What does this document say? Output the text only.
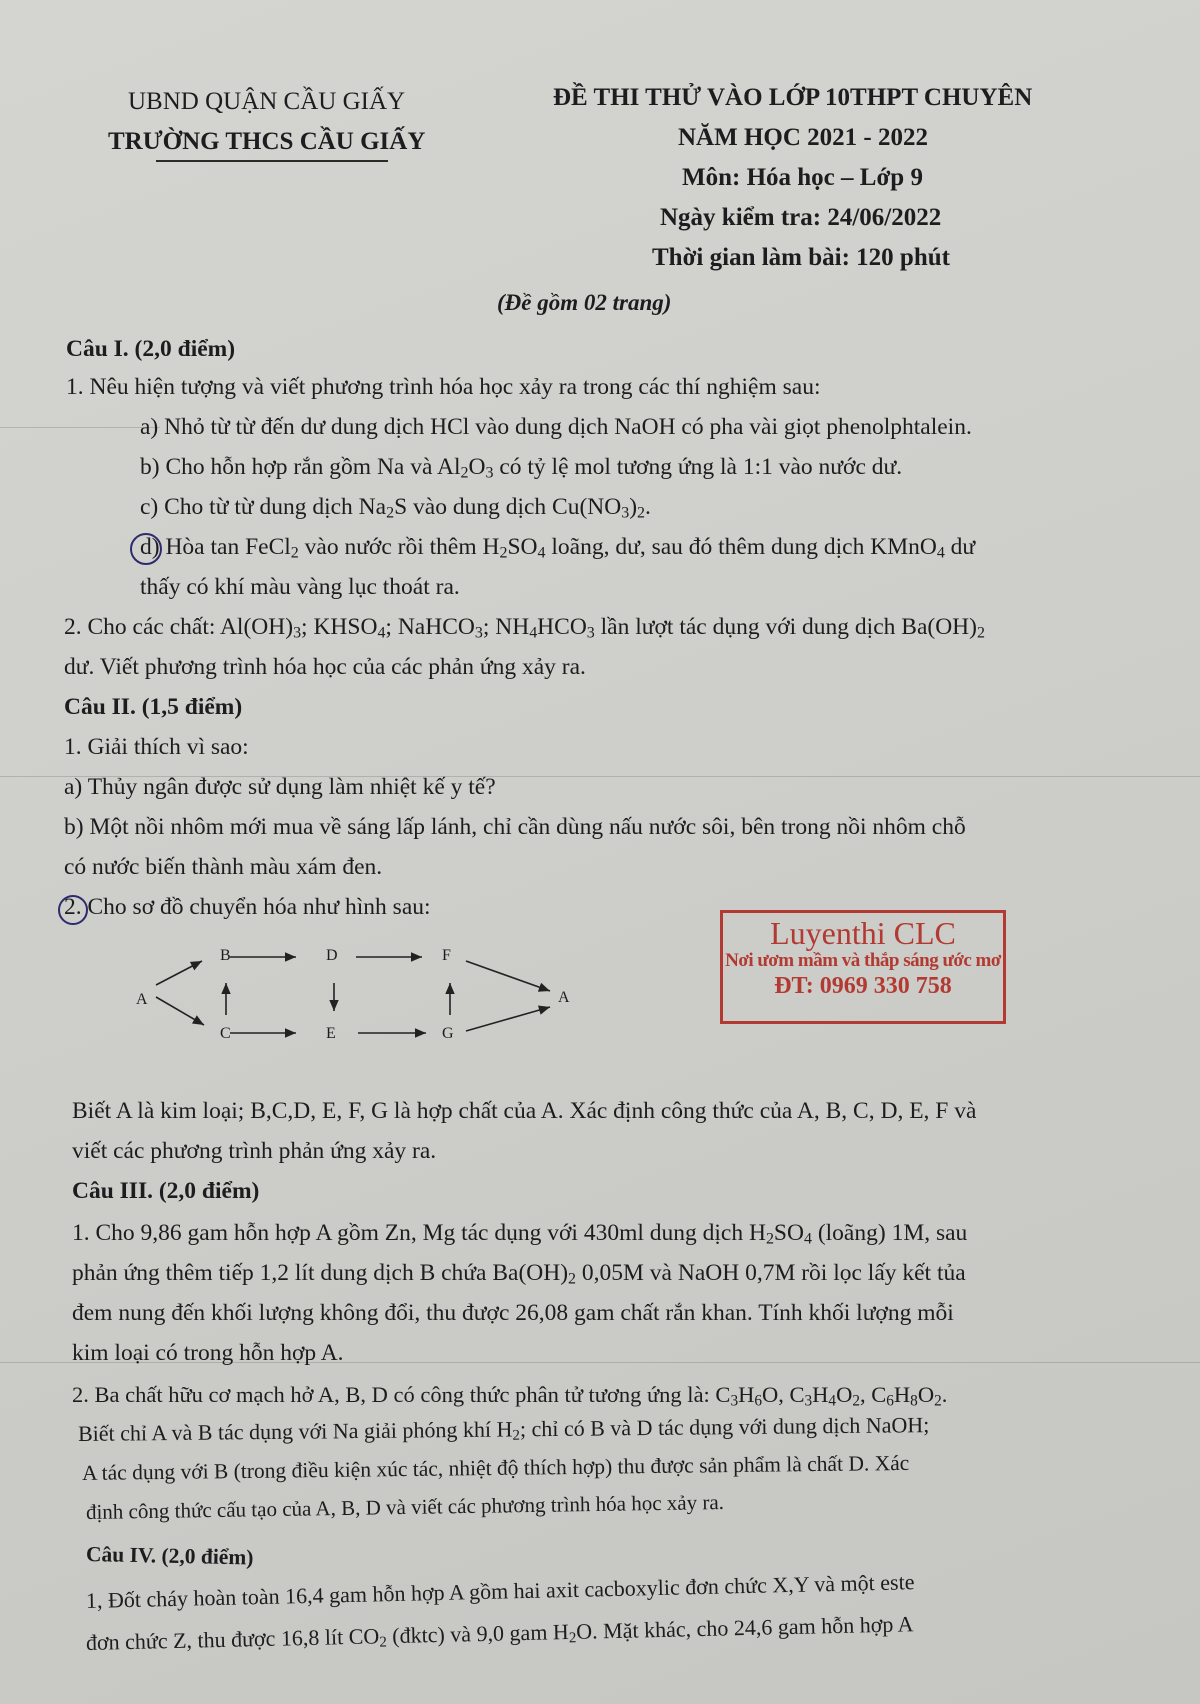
UBND QUẬN CẦU GIẤY
TRƯỜNG THCS CẦU GIẤY
ĐỀ THI THỬ VÀO LỚP 10THPT CHUYÊN
NĂM HỌC 2021 - 2022
Môn: Hóa học – Lớp 9
Ngày kiểm tra: 24/06/2022
Thời gian làm bài: 120 phút
(Đề gồm 02 trang)
Câu I. (2,0 điểm)
1. Nêu hiện tượng và viết phương trình hóa học xảy ra trong các thí nghiệm sau:
a) Nhỏ từ từ đến dư dung dịch HCl vào dung dịch NaOH có pha vài giọt phenolphtalein.
b) Cho hỗn hợp rắn gồm Na và $Al_2O_3$ có tỷ lệ mol tương ứng là 1:1 vào nước dư.
c) Cho từ từ dung dịch $Na_2S$ vào dung dịch $Cu(NO_3)_2$.
d) Hòa tan FeCl$_2$ vào nước rồi thêm $H_2SO_4$ loãng, dư, sau đó thêm dung dịch KMnO$_4$ dư
thấy có khí màu vàng lục thoát ra.
2. Cho các chất: $Al(OH)_3$; $KHSO_4$; NaHCO$_3$; $NH_4HCO_3$ lần lượt tác dụng với dung dịch $Ba(OH)_2$
dư. Viết phương trình hóa học của các phản ứng xảy ra.
Câu II. (1,5 điểm)
1. Giải thích vì sao:
a) Thủy ngân được sử dụng làm nhiệt kế y tế?
b) Một nồi nhôm mới mua về sáng lấp lánh, chỉ cần dùng nấu nước sôi, bên trong nồi nhôm chỗ
có nước biến thành màu xám đen.
2. Cho sơ đồ chuyển hóa như hình sau:
A
B
C
D
E
F
G
A
Luyenthi CLC
Nơi ươm mầm và thắp sáng ước mơ
ĐT: 0969 330 758
Biết A là kim loại; B,C,D, E, F, G là hợp chất của A. Xác định công thức của A, B, C, D, E, F và
viết các phương trình phản ứng xảy ra.
Câu III. (2,0 điểm)
1. Cho 9,86 gam hỗn hợp A gồm Zn, Mg tác dụng với 430ml dung dịch $H_2SO_4$ (loãng) 1M, sau
phản ứng thêm tiếp 1,2 lít dung dịch B chứa $Ba(OH)_2$ 0,05M và NaOH 0,7M rồi lọc lấy kết tủa
đem nung đến khối lượng không đổi, thu được 26,08 gam chất rắn khan. Tính khối lượng mỗi
kim loại có trong hỗn hợp A.
2. Ba chất hữu cơ mạch hở A, B, D có công thức phân tử tương ứng là: $C_3H_6O$, $C_3H_4O_2$, $C_6H_8O_2$.
Biết chỉ A và B tác dụng với Na giải phóng khí $H_2$; chỉ có B và D tác dụng với dung dịch NaOH;
A tác dụng với B (trong điều kiện xúc tác, nhiệt độ thích hợp) thu được sản phẩm là chất D. Xác
định công thức cấu tạo của A, B, D và viết các phương trình hóa học xảy ra.
Câu IV. (2,0 điểm)
1, Đốt cháy hoàn toàn 16,4 gam hỗn hợp A gồm hai axit cacboxylic đơn chức X,Y và một este
đơn chức Z, thu được 16,8 lít $CO_2$ (đktc) và 9,0 gam $H_2O$. Mặt khác, cho 24,6 gam hỗn hợp A
